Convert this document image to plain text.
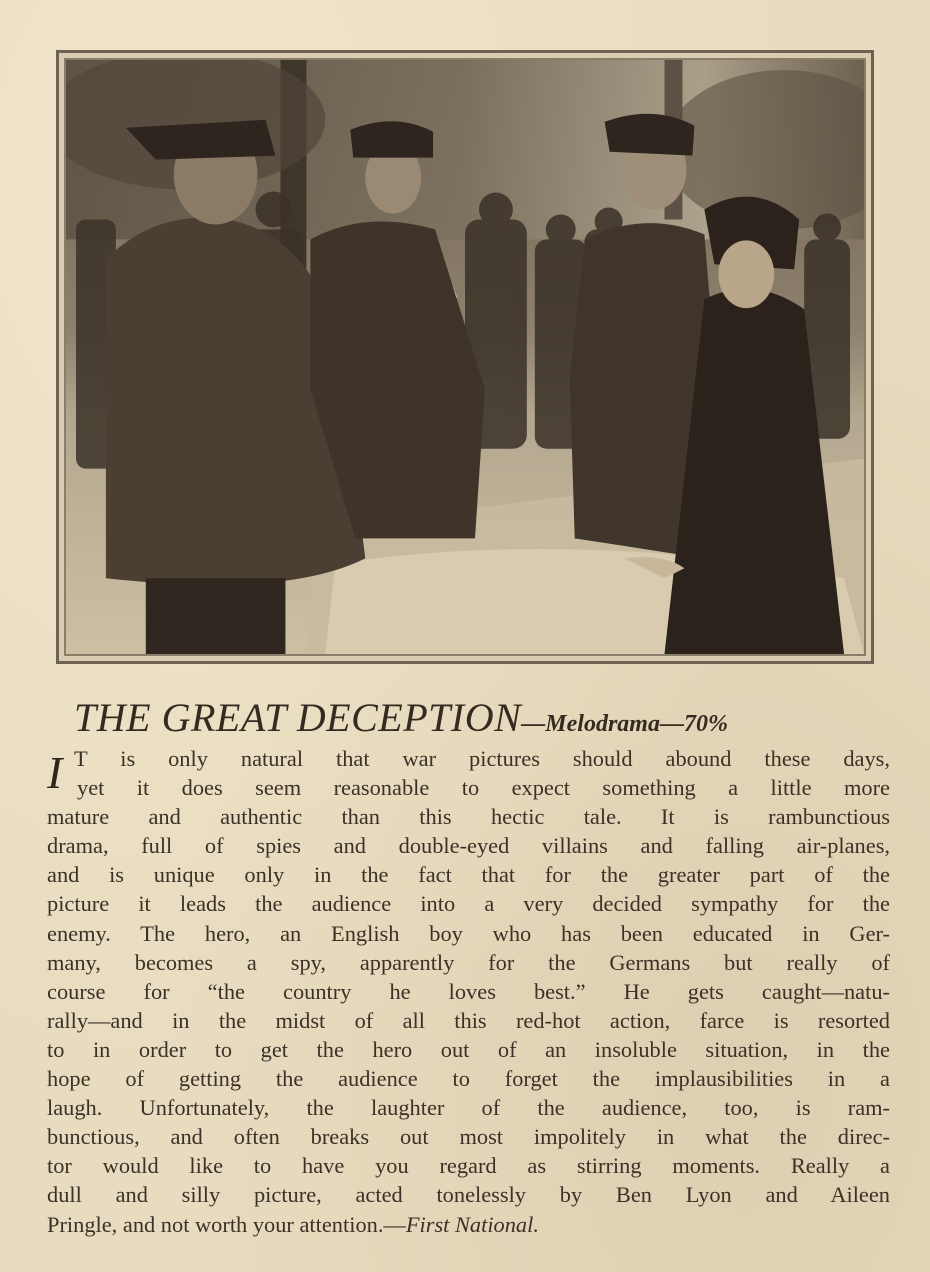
THE GREAT DECEPTION—Melodrama—70%
I T is only natural that war pictures should abound these days,
yet it does seem reasonable to expect something a little more
mature and authentic than this hectic tale. It is rambunctious
drama, full of spies and double-eyed villains and falling air-planes,
and is unique only in the fact that for the greater part of the
picture it leads the audience into a very decided sympathy for the
enemy. The hero, an English boy who has been educated in Ger-
many, becomes a spy, apparently for the Germans but really of
course for “the country he loves best.” He gets caught—natu-
rally—and in the midst of all this red-hot action, farce is resorted
to in order to get the hero out of an insoluble situation, in the
hope of getting the audience to forget the implausibilities in a
laugh. Unfortunately, the laughter of the audience, too, is ram-
bunctious, and often breaks out most impolitely in what the direc-
tor would like to have you regard as stirring moments. Really a
dull and silly picture, acted tonelessly by Ben Lyon and Aileen
Pringle, and not worth your attention.—First National.
